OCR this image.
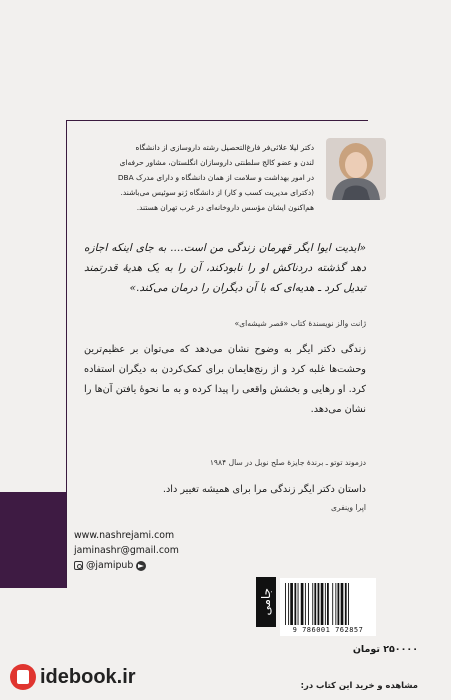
دکتر لیلا علائی‌فر فارغ‌التحصیل رشته داروسازی از دانشگاه

لندن و عضو کالج سلطنتی داروسازان انگلستان، مشاور حرفه‌ای

در امور بهداشت و سلامت از همان دانشگاه و دارای مدرک DBA

(دکترای مدیریت کسب و کار) از دانشگاه ژنو سوئیس می‌باشند.

هم‌اکنون ایشان مؤسس داروخانه‌ای در غرب تهران هستند.

«ایدیت ایوا ایگر قهرمان زندگی من است.... به جای اینکه اجازه دهد گذشته دردناکش او را نابودکند، آن را به یک هدیهٔ قدرتمند تبدیل کرد ـ هدیه‌ای که با آن دیگران را درمان می‌کند.»
ژانت والز نویسندهٔ کتاب «قصر شیشه‌ای»
زندگی دکتر ایگر به وضوح نشان می‌دهد که می‌توان بر عظیم‌ترین وحشت‌ها غلبه کرد و از رنج‌هایمان برای کمک‌کردن به دیگران استفاده کرد. او رهایی و بخشش واقعی را پیدا کرده و به ما نحوهٔ یافتن آن‌ها را نشان می‌دهد.
دزموند توتو ـ برندهٔ جایزهٔ صلح نوبل در سال ۱۹۸۴
داستان دکتر ایگر زندگی مرا برای همیشه تغییر داد.
اپرا وینفری
www.nashrejami.com
jaminashr@gmail.com
@jamipub
جامی
9 786001 762857
۲۵۰۰۰۰ تومان
idebook.ir	مشاهده و خرید این کتاب در:
